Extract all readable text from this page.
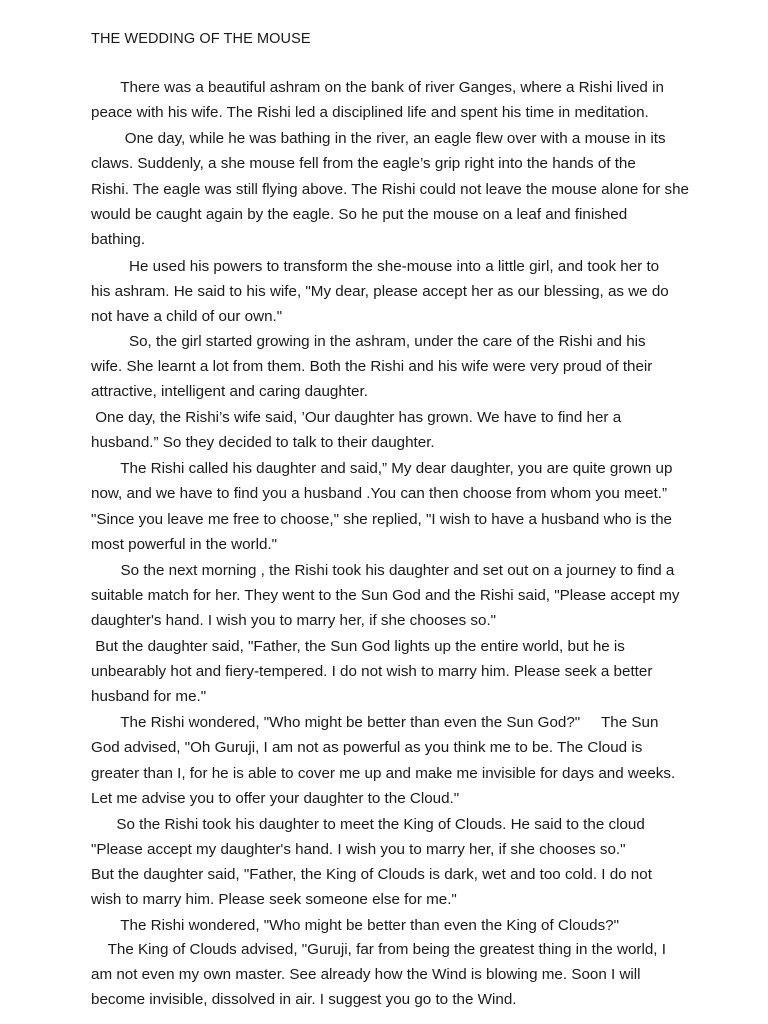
THE WEDDING OF THE MOUSE
There was a beautiful ashram on the bank of river Ganges, where a Rishi lived in
peace with his wife. The Rishi led a disciplined life and spent his time in meditation.
One day, while he was bathing in the river, an eagle flew over with a mouse in its
claws. Suddenly, a she mouse fell from the eagle’s grip right into the hands of the
Rishi. The eagle was still flying above. The Rishi could not leave the mouse alone for she
would be caught again by the eagle. So he put the mouse on a leaf and finished
bathing.
He used his powers to transform the she-mouse into a little girl, and took her to
his ashram. He said to his wife, "My dear, please accept her as our blessing, as we do
not have a child of our own."
So, the girl started growing in the ashram, under the care of the Rishi and his
wife. She learnt a lot from them. Both the Rishi and his wife were very proud of their
attractive, intelligent and caring daughter.
One day, the Rishi’s wife said, ’Our daughter has grown. We have to find her a
husband.” So they decided to talk to their daughter.
The Rishi called his daughter and said,” My dear daughter, you are quite grown up
now, and we have to find you a husband .You can then choose from whom you meet.”
"Since you leave me free to choose," she replied, "I wish to have a husband who is the
most powerful in the world."
So the next morning , the Rishi took his daughter and set out on a journey to find a
suitable match for her. They went to the Sun God and the Rishi said, "Please accept my
daughter's hand. I wish you to marry her, if she chooses so."
But the daughter said, "Father, the Sun God lights up the entire world, but he is
unbearably hot and fiery-tempered. I do not wish to marry him. Please seek a better
husband for me."
The Rishi wondered, "Who might be better than even the Sun God?"     The Sun
God advised, "Oh Guruji, I am not as powerful as you think me to be. The Cloud is
greater than I, for he is able to cover me up and make me invisible for days and weeks.
Let me advise you to offer your daughter to the Cloud."
So the Rishi took his daughter to meet the King of Clouds. He said to the cloud
"Please accept my daughter's hand. I wish you to marry her, if she chooses so."
But the daughter said, "Father, the King of Clouds is dark, wet and too cold. I do not
wish to marry him. Please seek someone else for me."
The Rishi wondered, "Who might be better than even the King of Clouds?"
The King of Clouds advised, "Guruji, far from being the greatest thing in the world, I
am not even my own master. See already how the Wind is blowing me. Soon I will
become invisible, dissolved in air. I suggest you go to the Wind.
